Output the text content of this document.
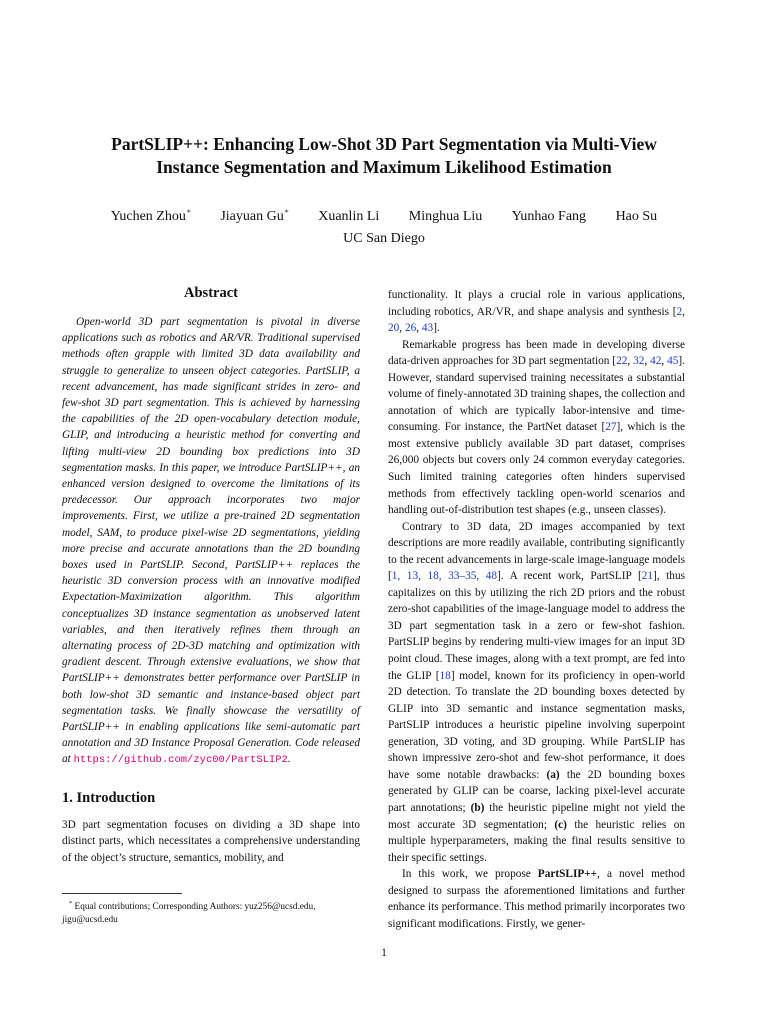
PartSLIP++: Enhancing Low-Shot 3D Part Segmentation via Multi-View
Instance Segmentation and Maximum Likelihood Estimation
Yuchen Zhou* Jiayuan Gu* Xuanlin Li Minghua Liu Yunhao Fang Hao Su
UC San Diego
Abstract

Open-world 3D part segmentation is pivotal in diverse applications such as robotics and AR/VR. Traditional supervised methods often grapple with limited 3D data availability and struggle to generalize to unseen object categories. PartSLIP, a recent advancement, has made significant strides in zero- and few-shot 3D part segmentation. This is achieved by harnessing the capabilities of the 2D open-vocabulary detection module, GLIP, and introducing a heuristic method for converting and lifting multi-view 2D bounding box predictions into 3D segmentation masks. In this paper, we introduce PartSLIP++, an enhanced version designed to overcome the limitations of its predecessor. Our approach incorporates two major improvements. First, we utilize a pre-trained 2D segmentation model, SAM, to produce pixel-wise 2D segmentations, yielding more precise and accurate annotations than the 2D bounding boxes used in PartSLIP. Second, PartSLIP++ replaces the heuristic 3D conversion process with an innovative modified Expectation-Maximization algorithm. This algorithm conceptualizes 3D instance segmentation as unobserved latent variables, and then iteratively refines them through an alternating process of 2D-3D matching and optimization with gradient descent. Through extensive evaluations, we show that PartSLIP++ demonstrates better performance over PartSLIP in both low-shot 3D semantic and instance-based object part segmentation tasks. We finally showcase the versatility of PartSLIP++ in enabling applications like semi-automatic part annotation and 3D Instance Proposal Generation. Code released at https://github.com/zyc00/PartSLIP2.

1. Introduction

3D part segmentation focuses on dividing a 3D shape into distinct parts, which necessitates a comprehensive understanding of the object’s structure, semantics, mobility, and

* Equal contributions; Corresponding Authors: yuz256@ucsd.edu, jigu@ucsd.edu

functionality. It plays a crucial role in various applications, including robotics, AR/VR, and shape analysis and synthesis [2, 20, 26, 43].

Remarkable progress has been made in developing diverse data-driven approaches for 3D part segmentation [22, 32, 42, 45]. However, standard supervised training necessitates a substantial volume of finely-annotated 3D training shapes, the collection and annotation of which are typically labor-intensive and time-consuming. For instance, the PartNet dataset [27], which is the most extensive publicly available 3D part dataset, comprises 26,000 objects but covers only 24 common everyday categories. Such limited training categories often hinders supervised methods from effectively tackling open-world scenarios and handling out-of-distribution test shapes (e.g., unseen classes).

Contrary to 3D data, 2D images accompanied by text descriptions are more readily available, contributing significantly to the recent advancements in large-scale image-language models [1, 13, 18, 33–35, 48]. A recent work, PartSLIP [21], thus capitalizes on this by utilizing the rich 2D priors and the robust zero-shot capabilities of the image-language model to address the 3D part segmentation task in a zero or few-shot fashion. PartSLIP begins by rendering multi-view images for an input 3D point cloud. These images, along with a text prompt, are fed into the GLIP [18] model, known for its proficiency in open-world 2D detection. To translate the 2D bounding boxes detected by GLIP into 3D semantic and instance segmentation masks, PartSLIP introduces a heuristic pipeline involving superpoint generation, 3D voting, and 3D grouping. While PartSLIP has shown impressive zero-shot and few-shot performance, it does have some notable drawbacks: (a) the 2D bounding boxes generated by GLIP can be coarse, lacking pixel-level accurate part annotations; (b) the heuristic pipeline might not yield the most accurate 3D segmentation; (c) the heuristic relies on multiple hyperparameters, making the final results sensitive to their specific settings.

In this work, we propose PartSLIP++, a novel method designed to surpass the aforementioned limitations and further enhance its performance. This method primarily incorporates two significant modifications. Firstly, we gener-

1
